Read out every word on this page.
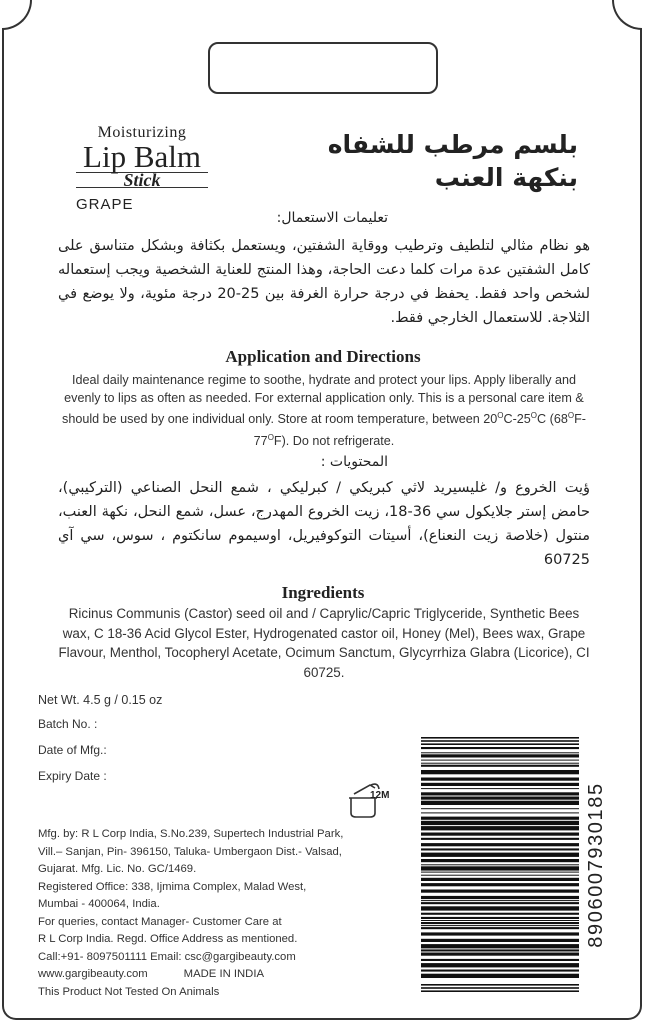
Moisturizing
Lip Balm
Stick
GRAPE
بلسم مرطب للشفاه
بنكهة العنب
تعليمات الاستعمال:
هو نظام مثالي لتلطيف وترطيب ووقاية الشفتين، ويستعمل بكثافة وبشكل متناسق على كامل الشفتين عدة مرات كلما دعت الحاجة، وهذا المنتج للعناية الشخصية ويجب إستعماله لشخص واحد فقط. يحفظ في درجة حرارة الغرفة بين 25-20 درجة مئوية، ولا يوضع في الثلاجة. للاستعمال الخارجي فقط.
Application and Directions
Ideal daily maintenance regime to soothe, hydrate and protect your lips. Apply liberally and evenly to lips as often as needed. For external application only. This is a personal care item & should be used by one individual only. Store at room temperature, between $20^OC-25^OC$ $(68^OF-77^OF)$. Do not refrigerate.
المحتويات :
ؤيت الخروع و/ غليسيريد لاثي كبريكي / كبرليكي ، شمع النحل الصناعي (التركيبي)، حامض إستر جلايكول سي 36-18، زيت الخروع المهدرج، عسل، شمع النحل، نكهة العنب، منتول (خلاصة زيت النعناع)، أسيتات التوكوفيريل، اوسيموم سانكتوم ، سوس، سي آي 60725
Ingredients
Ricinus Communis (Castor) seed oil and / Caprylic/Capric Triglyceride, Synthetic Bees wax, C 18-36 Acid Glycol Ester, Hydrogenated castor oil, Honey (Mel), Bees wax, Grape Flavour, Menthol, Tocopheryl Acetate, Ocimum Sanctum, Glycyrrhiza Glabra (Licorice), CI 60725.
Net Wt. 4.5 g / 0.15 oz
Batch No. :
Date of Mfg.:
Expiry Date :
12M
Mfg. by: R L Corp India, S.No.239, Supertech Industrial Park,
Vill.– Sanjan, Pin- 396150, Taluka- Umbergaon Dist.- Valsad,
Gujarat. Mfg. Lic. No. GC/1469.
Registered Office: 338, Ijmima Complex, Malad West,
Mumbai - 400064, India.
For queries, contact Manager- Customer Care at
R L Corp India. Regd. Office Address as mentioned.
Call:+91- 8097501111 Email: csc@gargibeauty.com
www.gargibeauty.com	MADE IN INDIA
This Product Not Tested On Animals
8906007930185
